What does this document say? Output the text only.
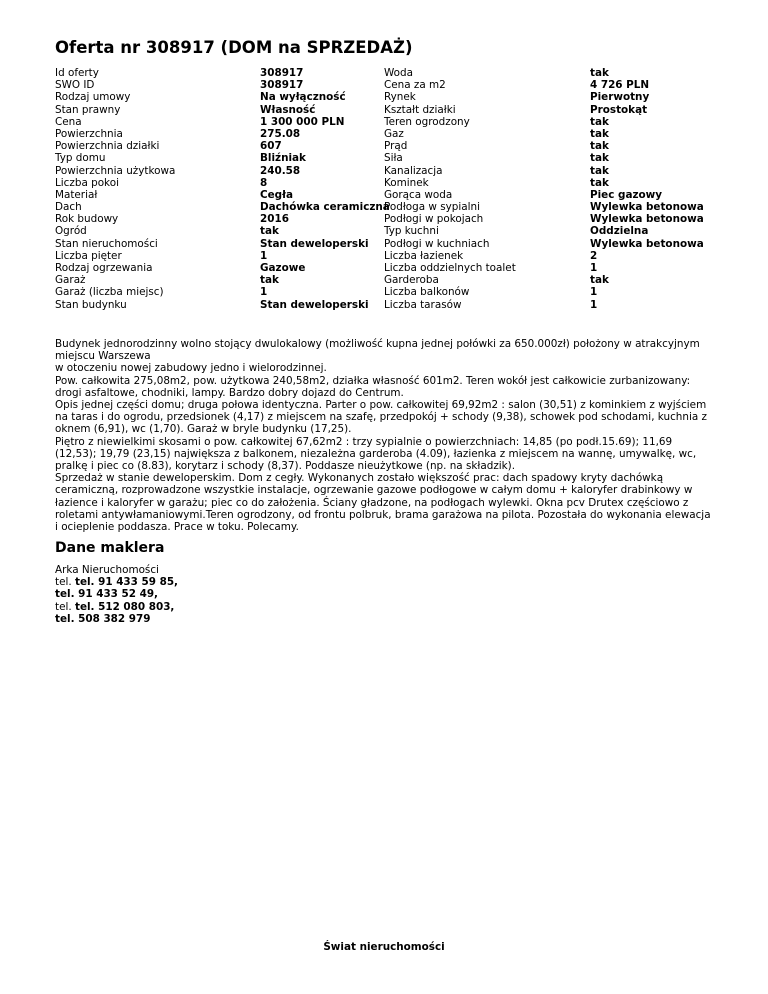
Oferta nr 308917 (DOM na SPRZEDAŻ)
Id oferty
SWO ID
Rodzaj umowy
Stan prawny
Cena
Powierzchnia
Powierzchnia działki
Typ domu
Powierzchnia użytkowa
Liczba pokoi
Materiał
Dach
Rok budowy
Ogród
Stan nieruchomości
Liczba pięter
Rodzaj ogrzewania
Garaż
Garaż (liczba miejsc)
Stan budynku
308917
308917
Na wyłączność
Własność
1 300 000 PLN
275.08
607
Bliźniak
240.58
8
Cegła
Dachówka ceramiczna
2016
tak
Stan deweloperski
1
Gazowe
tak
1
Stan deweloperski
Woda
Cena za m2
Rynek
Kształt działki
Teren ogrodzony
Gaz
Prąd
Siła
Kanalizacja
Kominek
Gorąca woda
Podłoga w sypialni
Podłogi w pokojach
Typ kuchni
Podłogi w kuchniach
Liczba łazienek
Liczba oddzielnych toalet
Garderoba
Liczba balkonów
Liczba tarasów
tak
4 726 PLN
Pierwotny
Prostokąt
tak
tak
tak
tak
tak
tak
Piec gazowy
Wylewka betonowa
Wylewka betonowa
Oddzielna
Wylewka betonowa
2
1
tak
1
1

Budynek jednorodzinny wolno stojący dwulokalowy (możliwość kupna jednej połówki za 650.000zł) położony w atrakcyjnym miejscu Warszewa

w otoczeniu nowej zabudowy jedno i wielorodzinnej.

Pow. całkowita 275,08m2, pow. użytkowa 240,58m2, działka własność 601m2. Teren wokół jest całkowicie zurbanizowany: drogi asfaltowe, chodniki, lampy. Bardzo dobry dojazd do Centrum.

Opis jednej części domu; druga połowa identyczna. Parter o pow. całkowitej 69,92m2 : salon (30,51) z kominkiem z wyjściem na taras i do ogrodu, przedsionek (4,17) z miejscem na szafę, przedpokój + schody (9,38), schowek pod schodami, kuchnia z oknem (6,91), wc (1,70). Garaż w bryle budynku (17,25).

Piętro z niewielkimi skosami o pow. całkowitej 67,62m2 : trzy sypialnie o powierzchniach: 14,85 (po podł.15.69); 11,69 (12,53); 19,79 (23,15) największa z balkonem, niezależna garderoba (4.09), łazienka z miejscem na wannę, umywalkę, wc, pralkę i piec co (8.83), korytarz i schody (8,37). Poddasze nieużytkowe (np. na składzik).

Sprzedaż w stanie deweloperskim. Dom z cegły. Wykonanych zostało większość prac: dach spadowy kryty dachówką ceramiczną, rozprowadzone wszystkie instalacje, ogrzewanie gazowe podłogowe w całym domu + kaloryfer drabinkowy w łazience i kaloryfer w garażu; piec co do założenia. Ściany gładzone, na podłogach wylewki. Okna pcv Drutex częściowo z roletami antywłamaniowymi.Teren ogrodzony, od frontu polbruk, brama garażowa na pilota. Pozostała do wykonania elewacja i ocieplenie poddasza. Prace w toku. Polecamy.

Dane maklera
Arka Nieruchomości
tel. tel. 91 433 59 85,
tel. 91 433 52 49,
tel. tel. 512 080 803,
tel. 508 382 979
Świat nieruchomości
